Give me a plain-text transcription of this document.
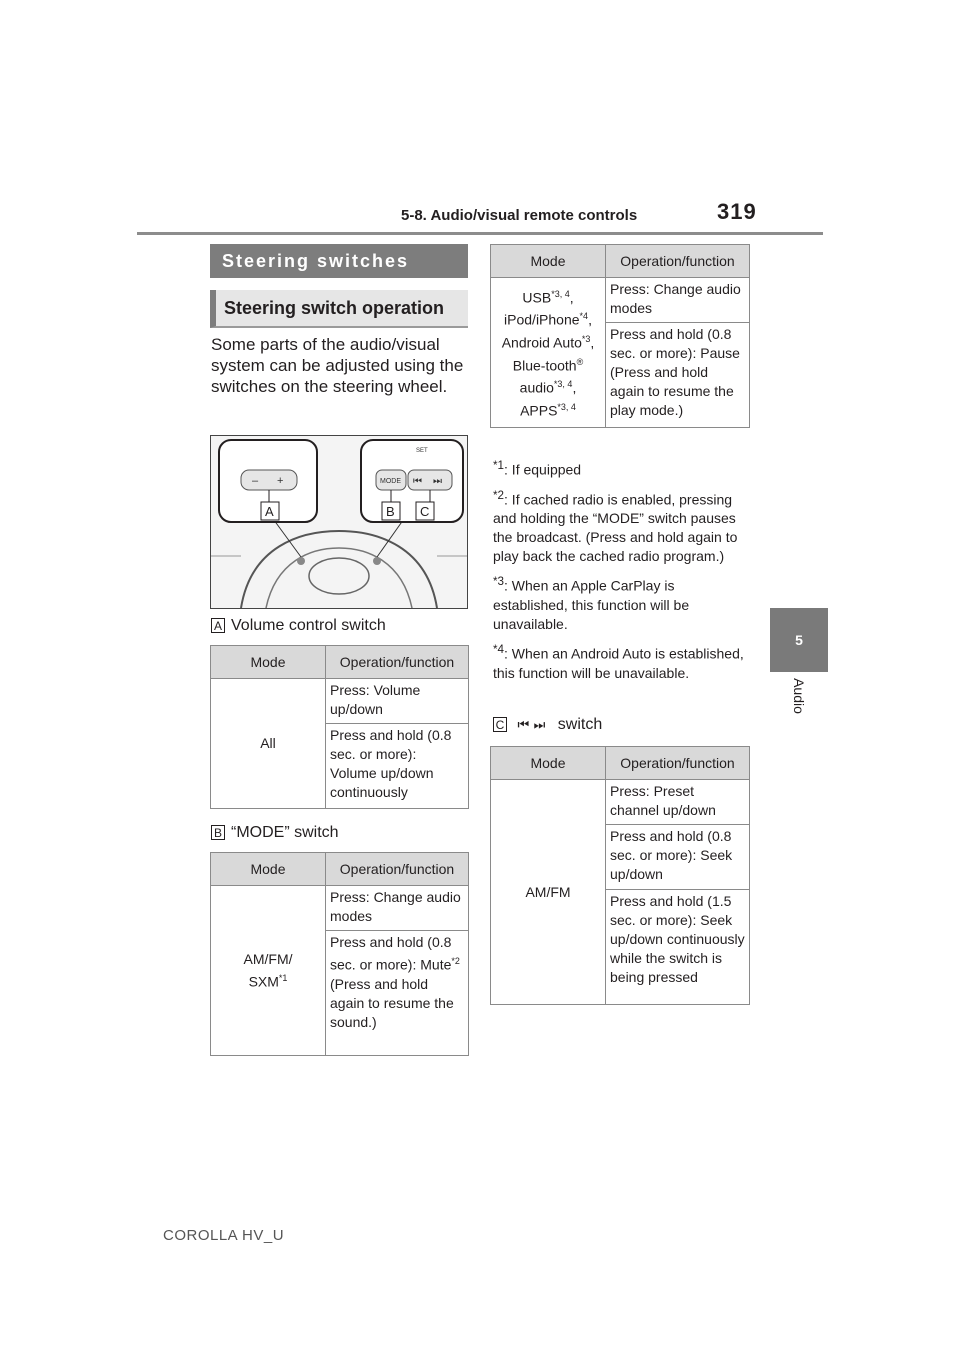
5-8. Audio/visual remote controls	319
5
Audio
Steering switches
Steering switch operation
Some parts of the audio/visual system can be adjusted using the switches on the steering wheel.
– +	MODE ⏮ ⏭
SET
A	B C
A Volume control switch
Mode	Operation/function
All	Press: Volume up/down
	Press and hold (0.8 sec. or more): Volume up/down continuously
B “MODE” switch
Mode	Operation/function
AM/FM/
SXM$^{*1}$	Press: Change audio modes
	Press and hold (0.8 sec. or more): Mute$^{*2}$ (Press and hold again to resume the sound.)
Mode	Operation/function
USB$^{*3, 4}$, iPod/iPhone$^{*4}$, Android Auto$^{*3}$, Blue-tooth® audio$^{*3, 4}$, APPS$^{*3, 4}$	Press: Change audio modes
	Press and hold (0.8 sec. or more): Pause (Press and hold again to resume the play mode.)
$^{*1}$: If equipped
$^{*2}$: If cached radio is enabled, pressing and holding the “MODE” switch pauses the broadcast. (Press and hold again to play back the cached radio program.)
$^{*3}$: When an Apple CarPlay is established, this function will be unavailable.
$^{*4}$: When an Android Auto is established, this function will be unavailable.
C ⏮ ⏭ switch
Mode	Operation/function
AM/FM	Press: Preset channel up/down
	Press and hold (0.8 sec. or more): Seek up/down
	Press and hold (1.5 sec. or more): Seek up/down continuously while the switch is being pressed
COROLLA HV_U
